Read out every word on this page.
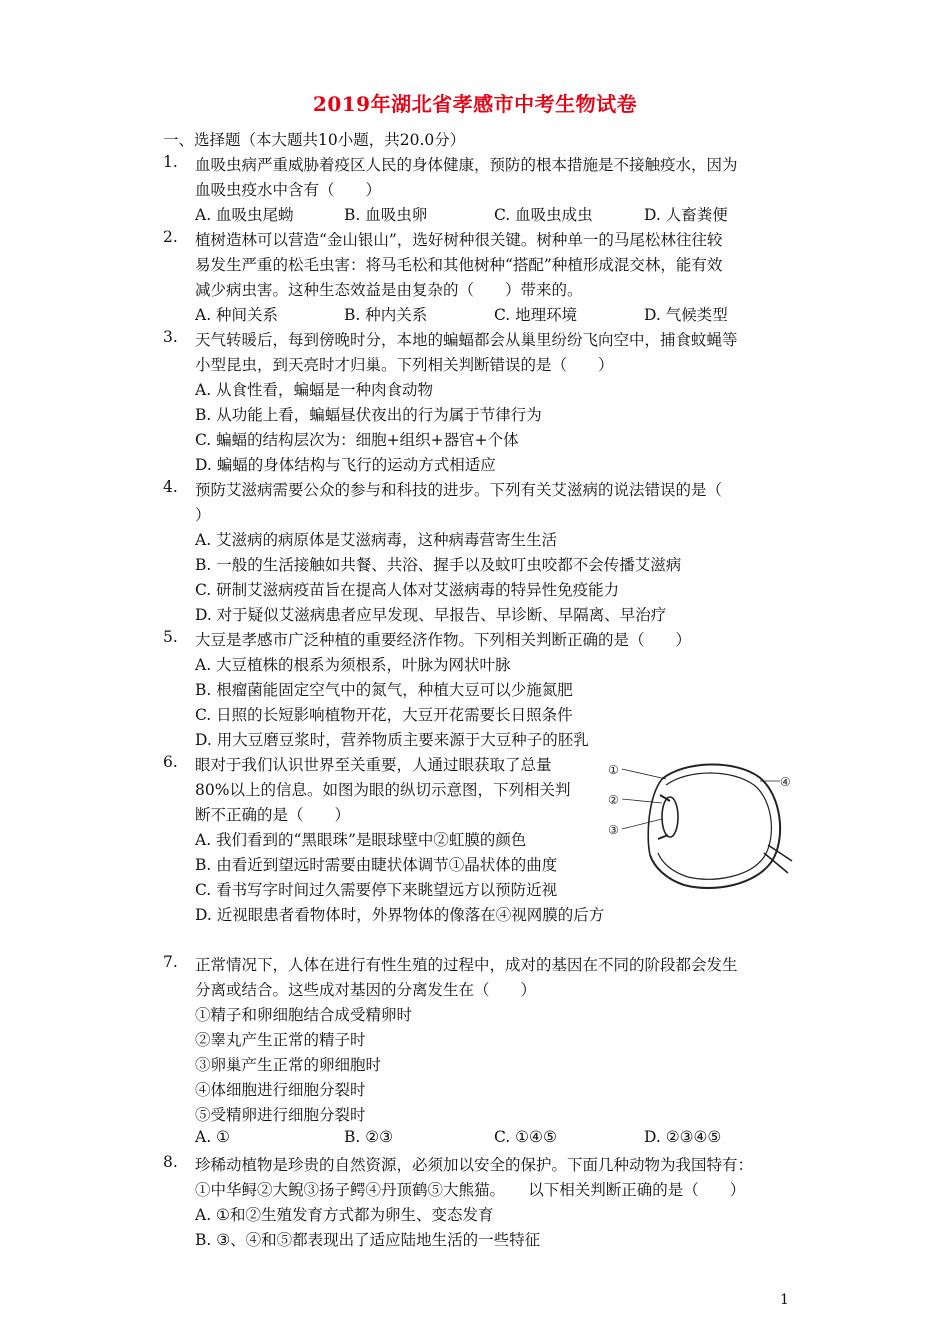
2019年湖北省孝感市中考生物试卷
一、选择题（本大题共10小题，共20.0分）
1. 血吸虫病严重威胁着疫区人民的身体健康，预防的根本措施是不接触疫水，因为
血吸虫疫水中含有（　　）
A. 血吸虫尾蚴	B. 血吸虫卵	C. 血吸虫成虫	D. 人畜粪便
2. 植树造林可以营造“金山银山”，选好树种很关键。树种单一的马尾松林往往较
易发生严重的松毛虫害：将马毛松和其他树种“搭配”种植形成混交林，能有效
减少病虫害。这种生态效益是由复杂的（　　）带来的。
A. 种间关系	B. 种内关系	C. 地理环境	D. 气候类型
3. 天气转暖后，每到傍晚时分，本地的蝙蝠都会从巢里纷纷飞向空中，捕食蚊蝇等
小型昆虫，到天亮时才归巢。下列相关判断错误的是（　　）
A. 从食性看，蝙蝠是一种肉食动物
B. 从功能上看，蝙蝠昼伏夜出的行为属于节律行为
C. 蝙蝠的结构层次为：细胞+组织+器官+个体
D. 蝙蝠的身体结构与飞行的运动方式相适应
4. 预防艾滋病需要公众的参与和科技的进步。下列有关艾滋病的说法错误的是（
）
A. 艾滋病的病原体是艾滋病毒，这种病毒营寄生生活
B. 一般的生活接触如共餐、共浴、握手以及蚊叮虫咬都不会传播艾滋病
C. 研制艾滋病疫苗旨在提高人体对艾滋病毒的特异性免疫能力
D. 对于疑似艾滋病患者应早发现、早报告、早诊断、早隔离、早治疗
5. 大豆是孝感市广泛种植的重要经济作物。下列相关判断正确的是（　　）
A. 大豆植株的根系为须根系，叶脉为网状叶脉
B. 根瘤菌能固定空气中的氮气，种植大豆可以少施氮肥
C. 日照的长短影响植物开花，大豆开花需要长日照条件
D. 用大豆磨豆浆时，营养物质主要来源于大豆种子的胚乳
6. 眼对于我们认识世界至关重要，人通过眼获取了总量
80%以上的信息。如图为眼的纵切示意图，下列相关判
断不正确的是（　　）
A. 我们看到的“黑眼珠”是眼球壁中②虹膜的颜色
B. 由看近到望远时需要由睫状体调节①晶状体的曲度
C. 看书写字时间过久需要停下来眺望远方以预防近视
D. 近视眼患者看物体时，外界物体的像落在④视网膜的后方
①
②
③
④
7. 正常情况下，人体在进行有性生殖的过程中，成对的基因在不同的阶段都会发生
分离或结合。这些成对基因的分离发生在（　　）
①精子和卵细胞结合成受精卵时
②睾丸产生正常的精子时
③卵巢产生正常的卵细胞时
④体细胞进行细胞分裂时
⑤受精卵进行细胞分裂时
A. ①	B. ②③	C. ①④⑤	D. ②③④⑤
8. 珍稀动植物是珍贵的自然资源，必须加以安全的保护。下面几种动物为我国特有：
①中华鲟②大鲵③扬子鳄④丹顶鹤⑤大熊猫。　　以下相关判断正确的是（　　）
A. ①和②生殖发育方式都为卵生、变态发育
B. ③、④和⑤都表现出了适应陆地生活的一些特征
1
